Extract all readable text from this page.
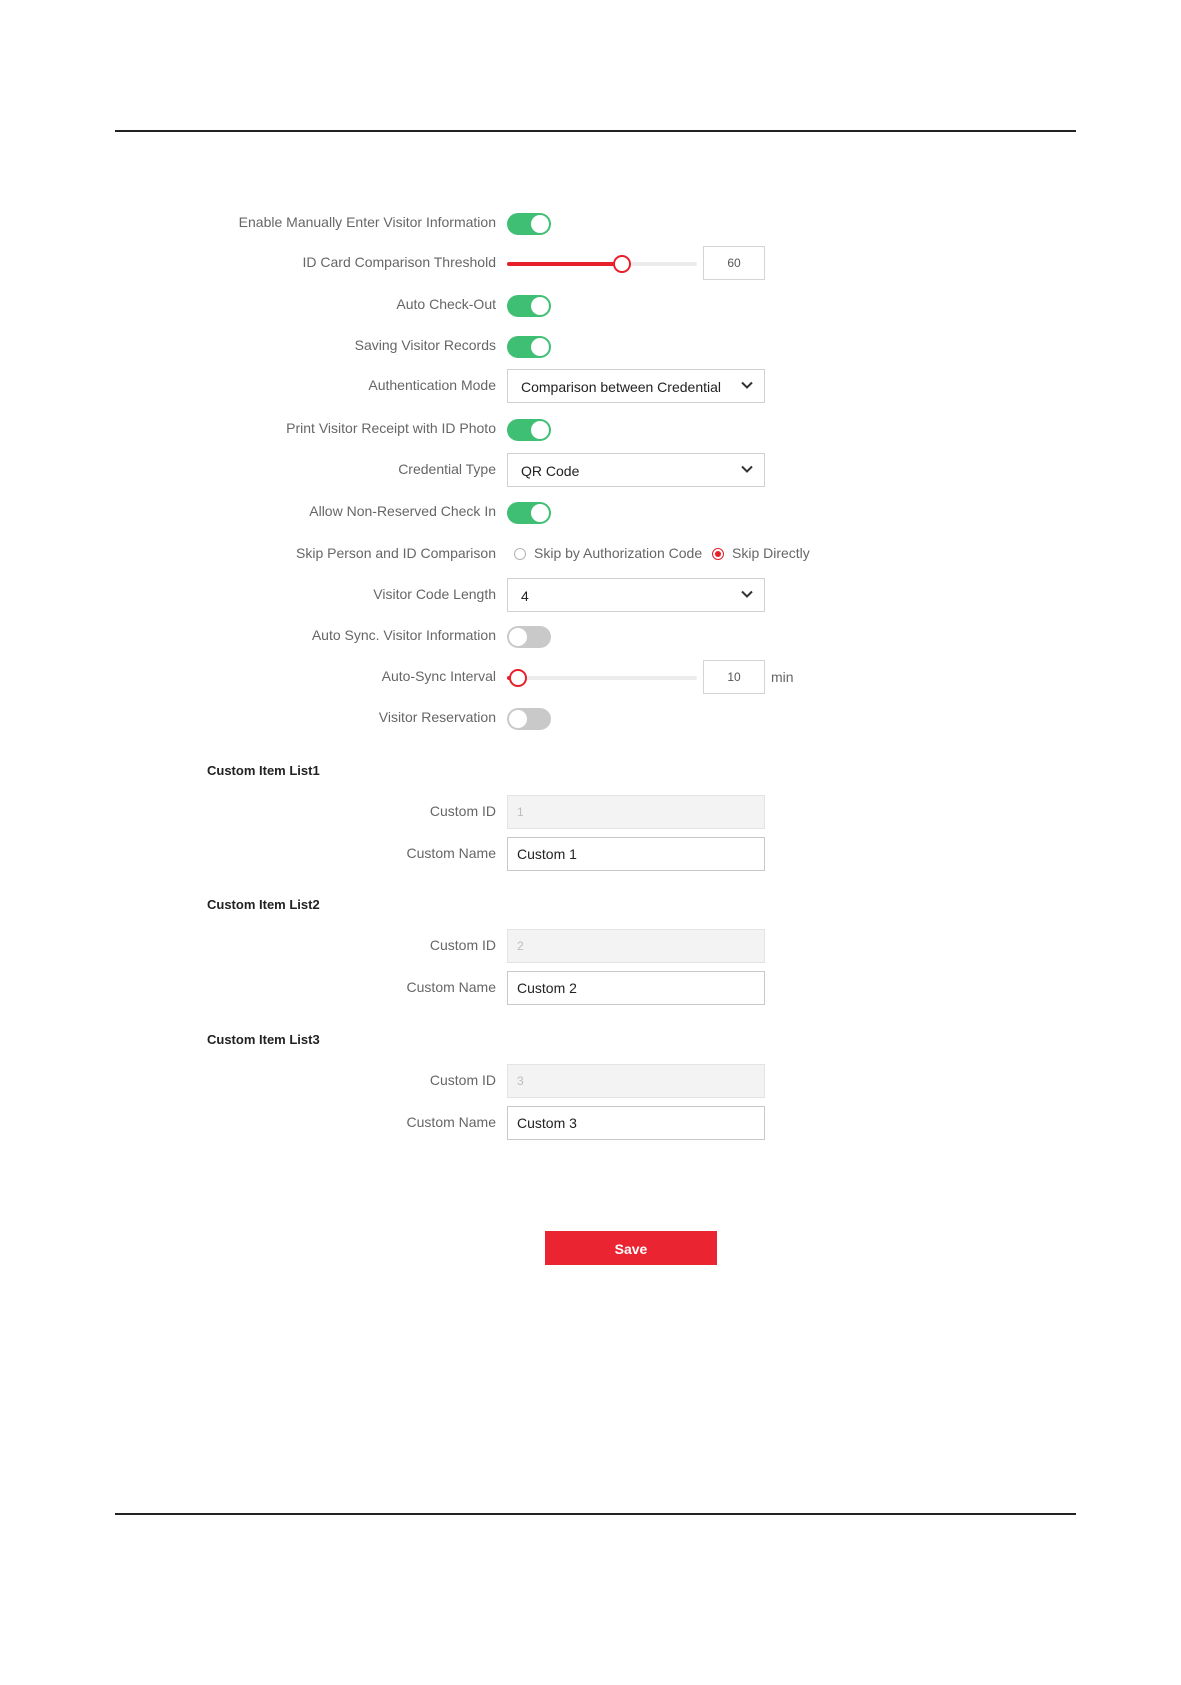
Enable Manually Enter Visitor Information
ID Card Comparison Threshold	60
Auto Check-Out
Saving Visitor Records
Authentication Mode Comparison between Credential
Print Visitor Receipt with ID Photo
Credential Type QR Code
Allow Non-Reserved Check In
Skip Person and ID Comparison	Skip by Authorization Code Skip Directly
Visitor Code Length 4
Auto Sync. Visitor Information
Auto-Sync Interval	10	min
Visitor Reservation
Custom Item List1
Custom ID	1
Custom Name	Custom 1
Custom Item List2
Custom ID	2
Custom Name	Custom 2
Custom Item List3
Custom ID	3
Custom Name	Custom 3
Save
